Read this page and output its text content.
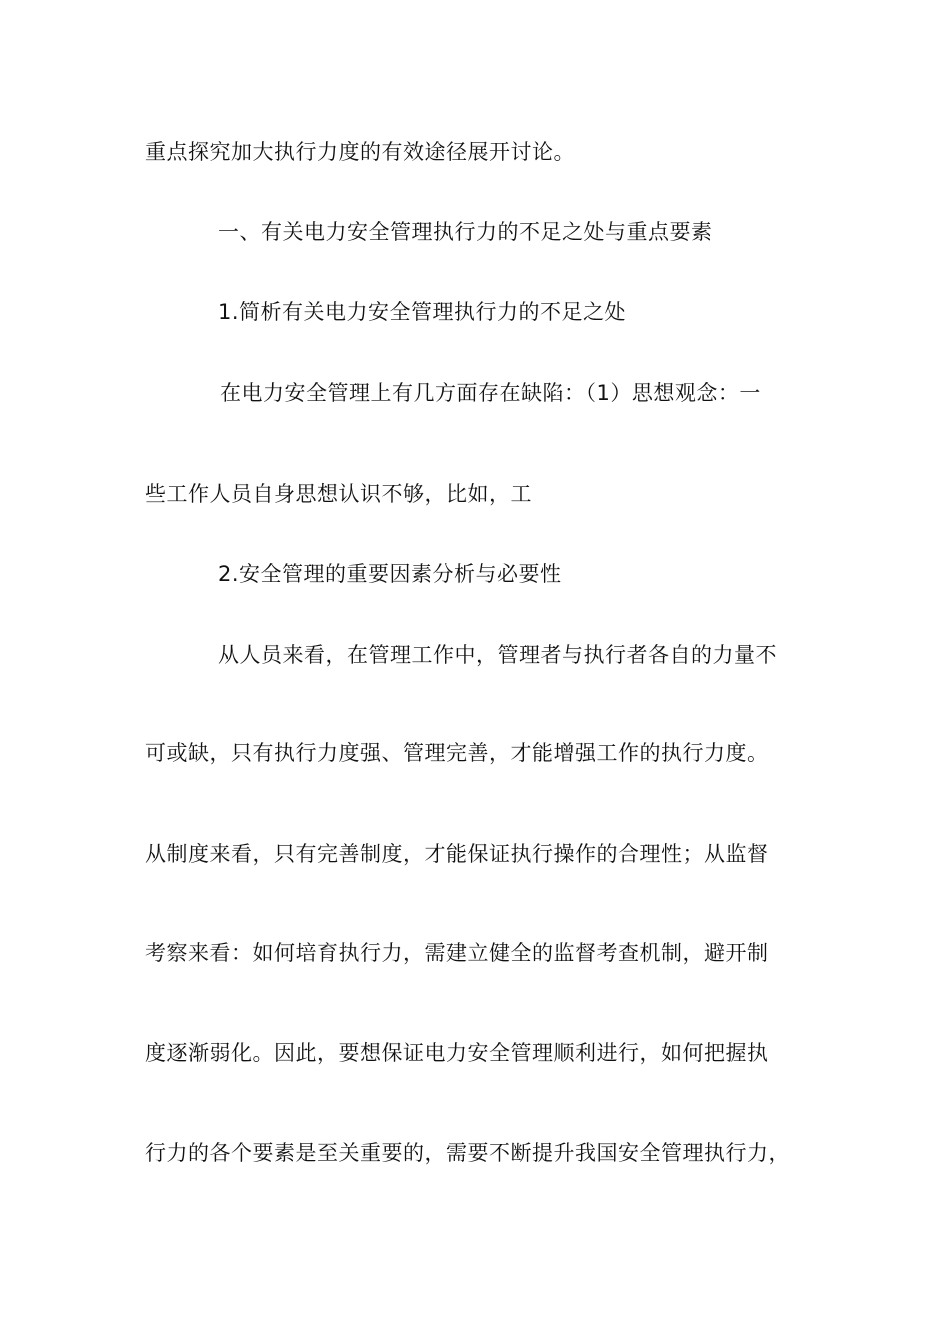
重点探究加大执行力度的有效途径展开讨论。

一、有关电力安全管理执行力的不足之处与重点要素

1.简析有关电力安全管理执行力的不足之处

在电力安全管理上有几方面存在缺陷：（1）思想观念：一

些工作人员自身思想认识不够，比如，工

2.安全管理的重要因素分析与必要性

从人员来看，在管理工作中，管理者与执行者各自的力量不

可或缺，只有执行力度强、管理完善，才能增强工作的执行力度。

从制度来看，只有完善制度，才能保证执行操作的合理性；从监督

考察来看：如何培育执行力，需建立健全的监督考查机制，避开制

度逐渐弱化。因此，要想保证电力安全管理顺利进行，如何把握执

行力的各个要素是至关重要的，需要不断提升我国安全管理执行力，
